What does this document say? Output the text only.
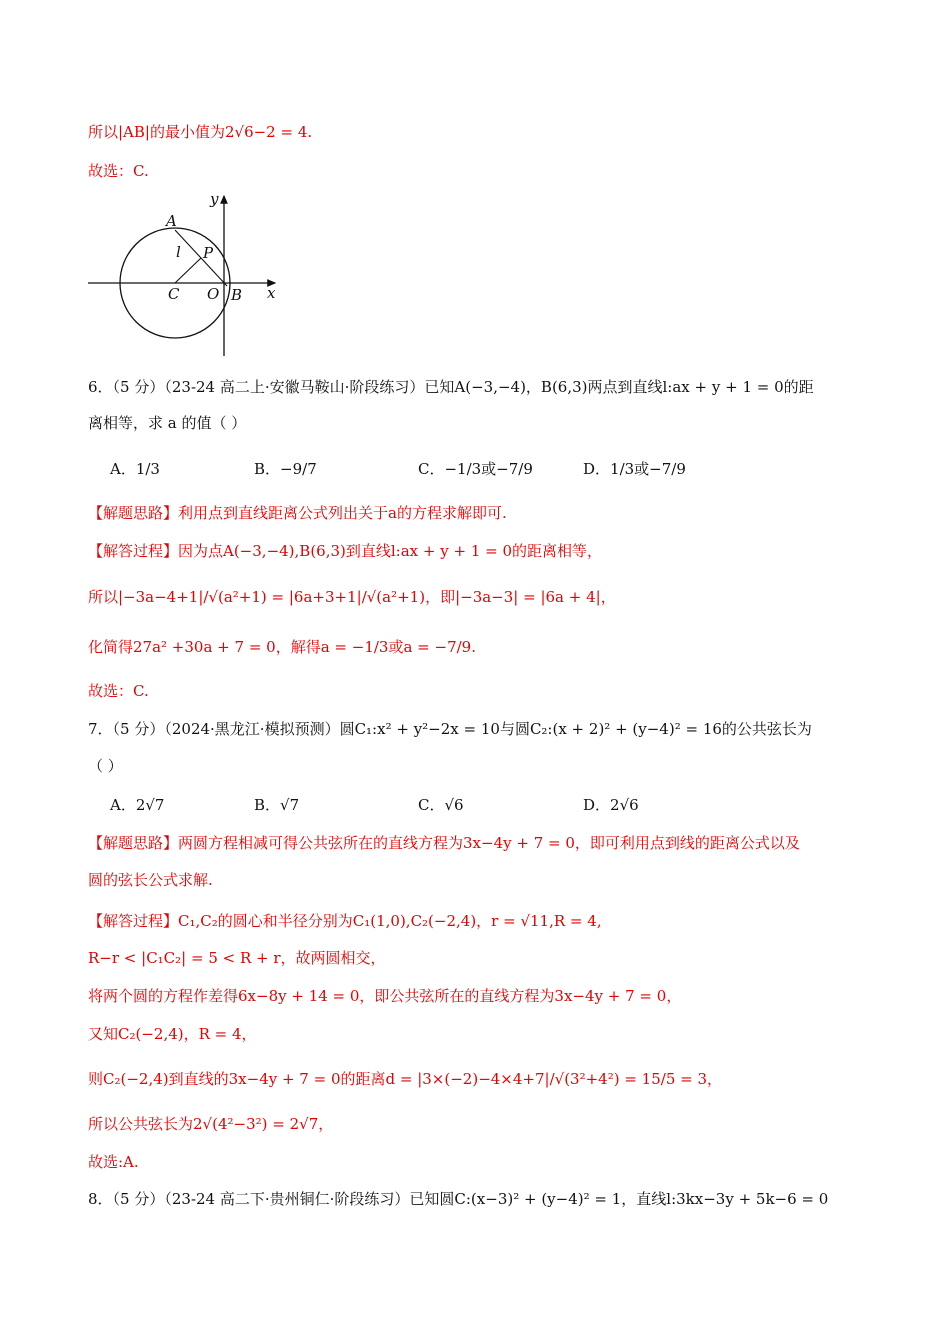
所以|AB|的最小值为2√6−2 = 4.
故选：C.
y
A
l P
C O B x
6．（5 分）（23-24 高二上·安徽马鞍山·阶段练习）已知A(−3,−4)，B(6,3)两点到直线l:ax + y + 1 = 0的距
离相等，求 a 的值（ ）
A．1/3	B．−9/7	C．−1/3或−7/9	D．1/3或−7/9
【解题思路】利用点到直线距离公式列出关于a的方程求解即可.
【解答过程】因为点A(−3,−4),B(6,3)到直线l:ax + y + 1 = 0的距离相等，
所以|−3a−4+1|/√(a²+1) = |6a+3+1|/√(a²+1)，即|−3a−3| = |6a + 4|，
化简得27a² +30a + 7 = 0，解得a = −1/3或a = −7/9.
故选：C.
7．（5 分）（2024·黑龙江·模拟预测）圆C₁:x² + y²−2x = 10与圆C₂:(x + 2)² + (y−4)² = 16的公共弦长为
（ ）
A．2√7	B．√7	C．√6	D．2√6
【解题思路】两圆方程相减可得公共弦所在的直线方程为3x−4y + 7 = 0，即可利用点到线的距离公式以及
圆的弦长公式求解.
【解答过程】C₁,C₂的圆心和半径分别为C₁(1,0),C₂(−2,4)，r = √11,R = 4,
R−r < |C₁C₂| = 5 < R + r，故两圆相交，
将两个圆的方程作差得6x−8y + 14 = 0，即公共弦所在的直线方程为3x−4y + 7 = 0，
又知C₂(−2,4)，R = 4，
则C₂(−2,4)到直线的3x−4y + 7 = 0的距离d = |3×(−2)−4×4+7|/√(3²+4²) = 15/5 = 3，
所以公共弦长为2√(4²−3²) = 2√7，
故选:A.
8．（5 分）（23-24 高二下·贵州铜仁·阶段练习）已知圆C:(x−3)² + (y−4)² = 1，直线l:3kx−3y + 5k−6 = 0
